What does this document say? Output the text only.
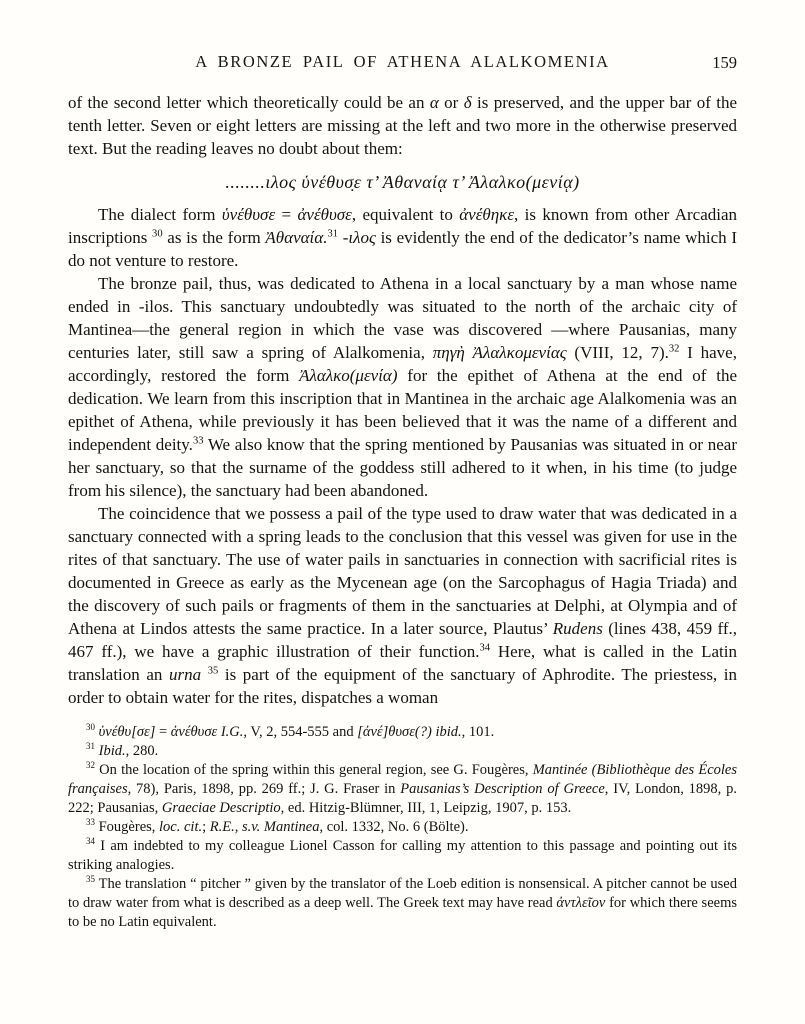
A BRONZE PAIL OF ATHENA ALALKOMENIA	159

of the second letter which theoretically could be an α or δ is preserved, and the upper bar of the tenth letter. Seven or eight letters are missing at the left and two more in the otherwise preserved text. But the reading leaves no doubt about them:

........ιλος ὑνέθυσ̣ε τ’ Ἀθαναίᾳ τ’ Ἀλαλκο(μενίᾳ)

The dialect form ὑνέθυσε = ἀνέθυσε, equivalent to ἀνέθηκε, is known from other Arcadian inscriptions $^{30}$ as is the form Ἀθαναία.$^{31}$ -ιλος is evidently the end of the dedicator’s name which I do not venture to restore.

The bronze pail, thus, was dedicated to Athena in a local sanctuary by a man whose name ended in -ilos. This sanctuary undoubtedly was situated to the north of the archaic city of Mantinea—the general region in which the vase was discovered —where Pausanias, many centuries later, still saw a spring of Alalkomenia, πηγὴ Ἀλαλκομενίας (VIII, 12, 7).$^{32}$ I have, accordingly, restored the form Ἀλαλκο(μενία) for the epithet of Athena at the end of the dedication. We learn from this inscription that in Mantinea in the archaic age Alalkomenia was an epithet of Athena, while previously it has been believed that it was the name of a different and independent deity.$^{33}$ We also know that the spring mentioned by Pausanias was situated in or near her sanctuary, so that the surname of the goddess still adhered to it when, in his time (to judge from his silence), the sanctuary had been abandoned.

The coincidence that we possess a pail of the type used to draw water that was dedicated in a sanctuary connected with a spring leads to the conclusion that this vessel was given for use in the rites of that sanctuary. The use of water pails in sanctuaries in connection with sacrificial rites is documented in Greece as early as the Mycenean age (on the Sarcophagus of Hagia Triada) and the discovery of such pails or fragments of them in the sanctuaries at Delphi, at Olympia and of Athena at Lindos attests the same practice. In a later source, Plautus’ Rudens (lines 438, 459 ff., 467 ff.), we have a graphic illustration of their function.$^{34}$ Here, what is called in the Latin translation an urna $^{35}$ is part of the equipment of the sanctuary of Aphrodite. The priestess, in order to obtain water for the rites, dispatches a woman

$^{30}$ ὑνέθυ[σε] = ἀνέθυσε I.G., V, 2, 554-555 and [ἀνέ]θυσε(?) ibid., 101.

$^{31}$ Ibid., 280.

$^{32}$ On the location of the spring within this general region, see G. Fougères, Mantinée (Bibliothèque des Écoles françaises, 78), Paris, 1898, pp. 269 ff.; J. G. Fraser in Pausanias’s Description of Greece, IV, London, 1898, p. 222; Pausanias, Graeciae Descriptio, ed. Hitzig-Blümner, III, 1, Leipzig, 1907, p. 153.

$^{33}$ Fougères, loc. cit.; R.E., s.v. Mantinea, col. 1332, No. 6 (Bölte).

$^{34}$ I am indebted to my colleague Lionel Casson for calling my attention to this passage and pointing out its striking analogies.

$^{35}$ The translation “ pitcher ” given by the translator of the Loeb edition is nonsensical. A pitcher cannot be used to draw water from what is described as a deep well. The Greek text may have read ἀντλεῖον for which there seems to be no Latin equivalent.
